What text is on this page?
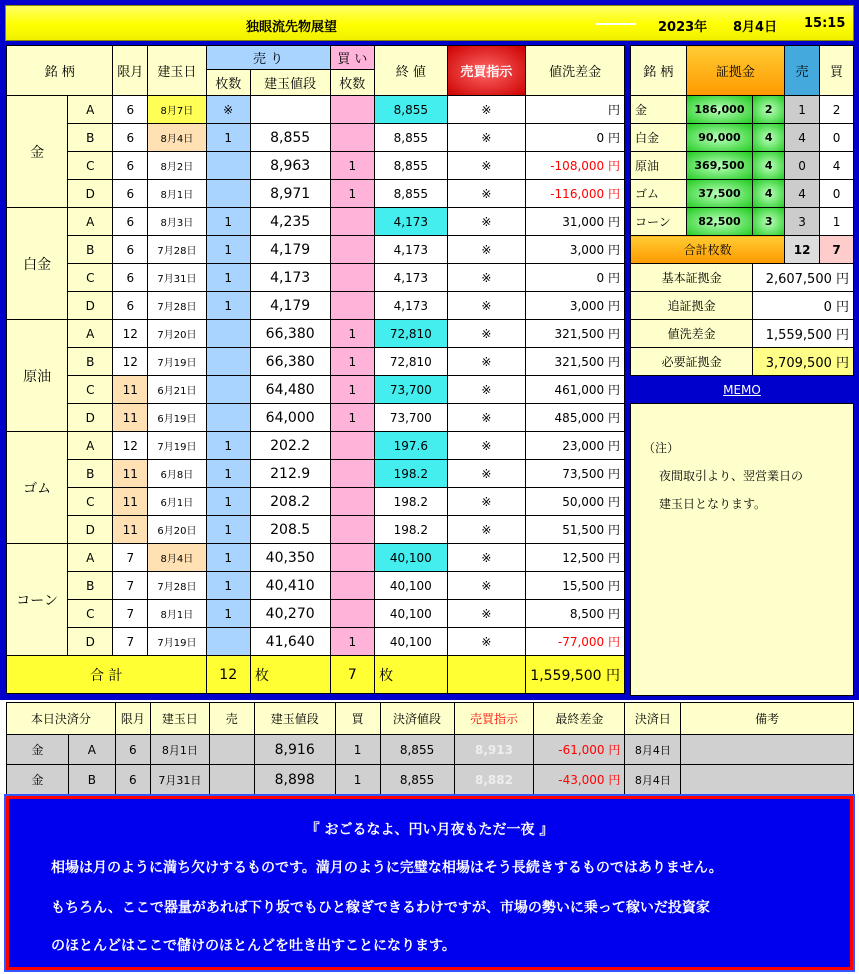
独眼流先物展望	2023年 8月4日 15:15
銘 柄		限月	建玉日	売 り		買 い	終 値	売買指示	値洗差金
				枚数	建玉値段	枚数			
金	A	6	8月7日	※			8,855	※	円
	B	6	8月4日	1	8,855		8,855	※	0 円
	C	6	8月2日		8,963	1	8,855	※	-108,000 円
	D	6	8月1日		8,971	1	8,855	※	-116,000 円
白金	A	6	8月3日	1	4,235		4,173	※	31,000 円
	B	6	7月28日	1	4,179		4,173	※	3,000 円
	C	6	7月31日	1	4,173		4,173	※	0 円
	D	6	7月28日	1	4,179		4,173	※	3,000 円
原油	A	12	7月20日		66,380	1	72,810	※	321,500 円
	B	12	7月19日		66,380	1	72,810	※	321,500 円
	C	11	6月21日		64,480	1	73,700	※	461,000 円
	D	11	6月19日		64,000	1	73,700	※	485,000 円
ゴム	A	12	7月19日	1	202.2		197.6	※	23,000 円
	B	11	6月8日	1	212.9		198.2	※	73,500 円
	C	11	6月1日	1	208.2		198.2	※	50,000 円
	D	11	6月20日	1	208.5		198.2	※	51,500 円
コーン	A	7	8月4日	1	40,350		40,100	※	12,500 円
	B	7	7月28日	1	40,410		40,100	※	15,500 円
	C	7	8月1日	1	40,270		40,100	※	8,500 円
	D	7	7月19日		41,640	1	40,100	※	-77,000 円
合 計				12	枚	7	枚		1,559,500 円
銘 柄	証拠金		売	買
金	186,000	2	1	2
白金	90,000	4	4	0
原油	369,500	4	0	4
ゴム	37,500	4	4	0
コーン	82,500	3	3	1
合計枚数			12	7
基本証拠金		2,607,500 円		
追証拠金		0 円		
値洗差金		1,559,500 円		
必要証拠金		3,709,500 円		
MEMO
（注）
夜間取引より、翌営業日の
建玉日となります。
本日決済分		限月	建玉日	売	建玉値段	買	決済値段	売買指示	最終差金	決済日	備考
金	A	6	8月1日		8,916	1	8,855	8,913	-61,000 円	8月4日	
金	B	6	7月31日		8,898	1	8,855	8,882	-43,000 円	8月4日	
『 おごるなよ、円い月夜もただ一夜 』
相場は月のように満ち欠けするものです。満月のように完璧な相場はそう長続きするものではありません。
もちろん、ここで器量があれば下り坂でもひと稼ぎできるわけですが、市場の勢いに乗って稼いだ投資家
のほとんどはここで儲けのほとんどを吐き出すことになります。
